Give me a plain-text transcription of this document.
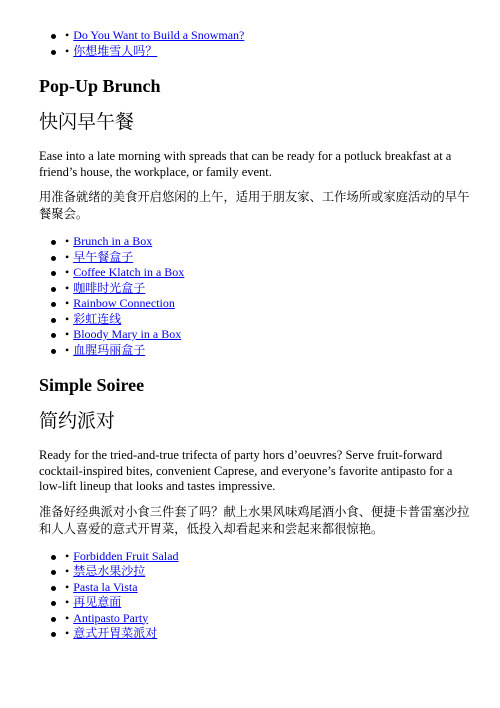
• Do You Want to Build a Snowman?
• 你想堆雪人吗？
Pop-Up Brunch
快闪早午餐

Ease into a late morning with spreads that can be ready for a potluck breakfast at a friend’s house, the workplace, or family event.

用准备就绪的美食开启悠闲的上午，适用于朋友家、工作场所或家庭活动的早午餐聚会。

• Brunch in a Box
• 早午餐盒子
• Coffee Klatch in a Box
• 咖啡时光盒子
• Rainbow Connection
• 彩虹连线
• Bloody Mary in a Box
• 血腥玛丽盒子
Simple Soiree
简约派对

Ready for the tried-and-true trifecta of party hors d’oeuvres? Serve fruit-forward cocktail-inspired bites, convenient Caprese, and everyone’s favorite antipasto for a low-lift lineup that looks and tastes impressive.

准备好经典派对小食三件套了吗？献上水果风味鸡尾酒小食、便捷卡普雷塞沙拉和人人喜爱的意式开胃菜，低投入却看起来和尝起来都很惊艳。

• Forbidden Fruit Salad
• 禁忌水果沙拉
• Pasta la Vista
• 再见意面
• Antipasto Party
• 意式开胃菜派对
